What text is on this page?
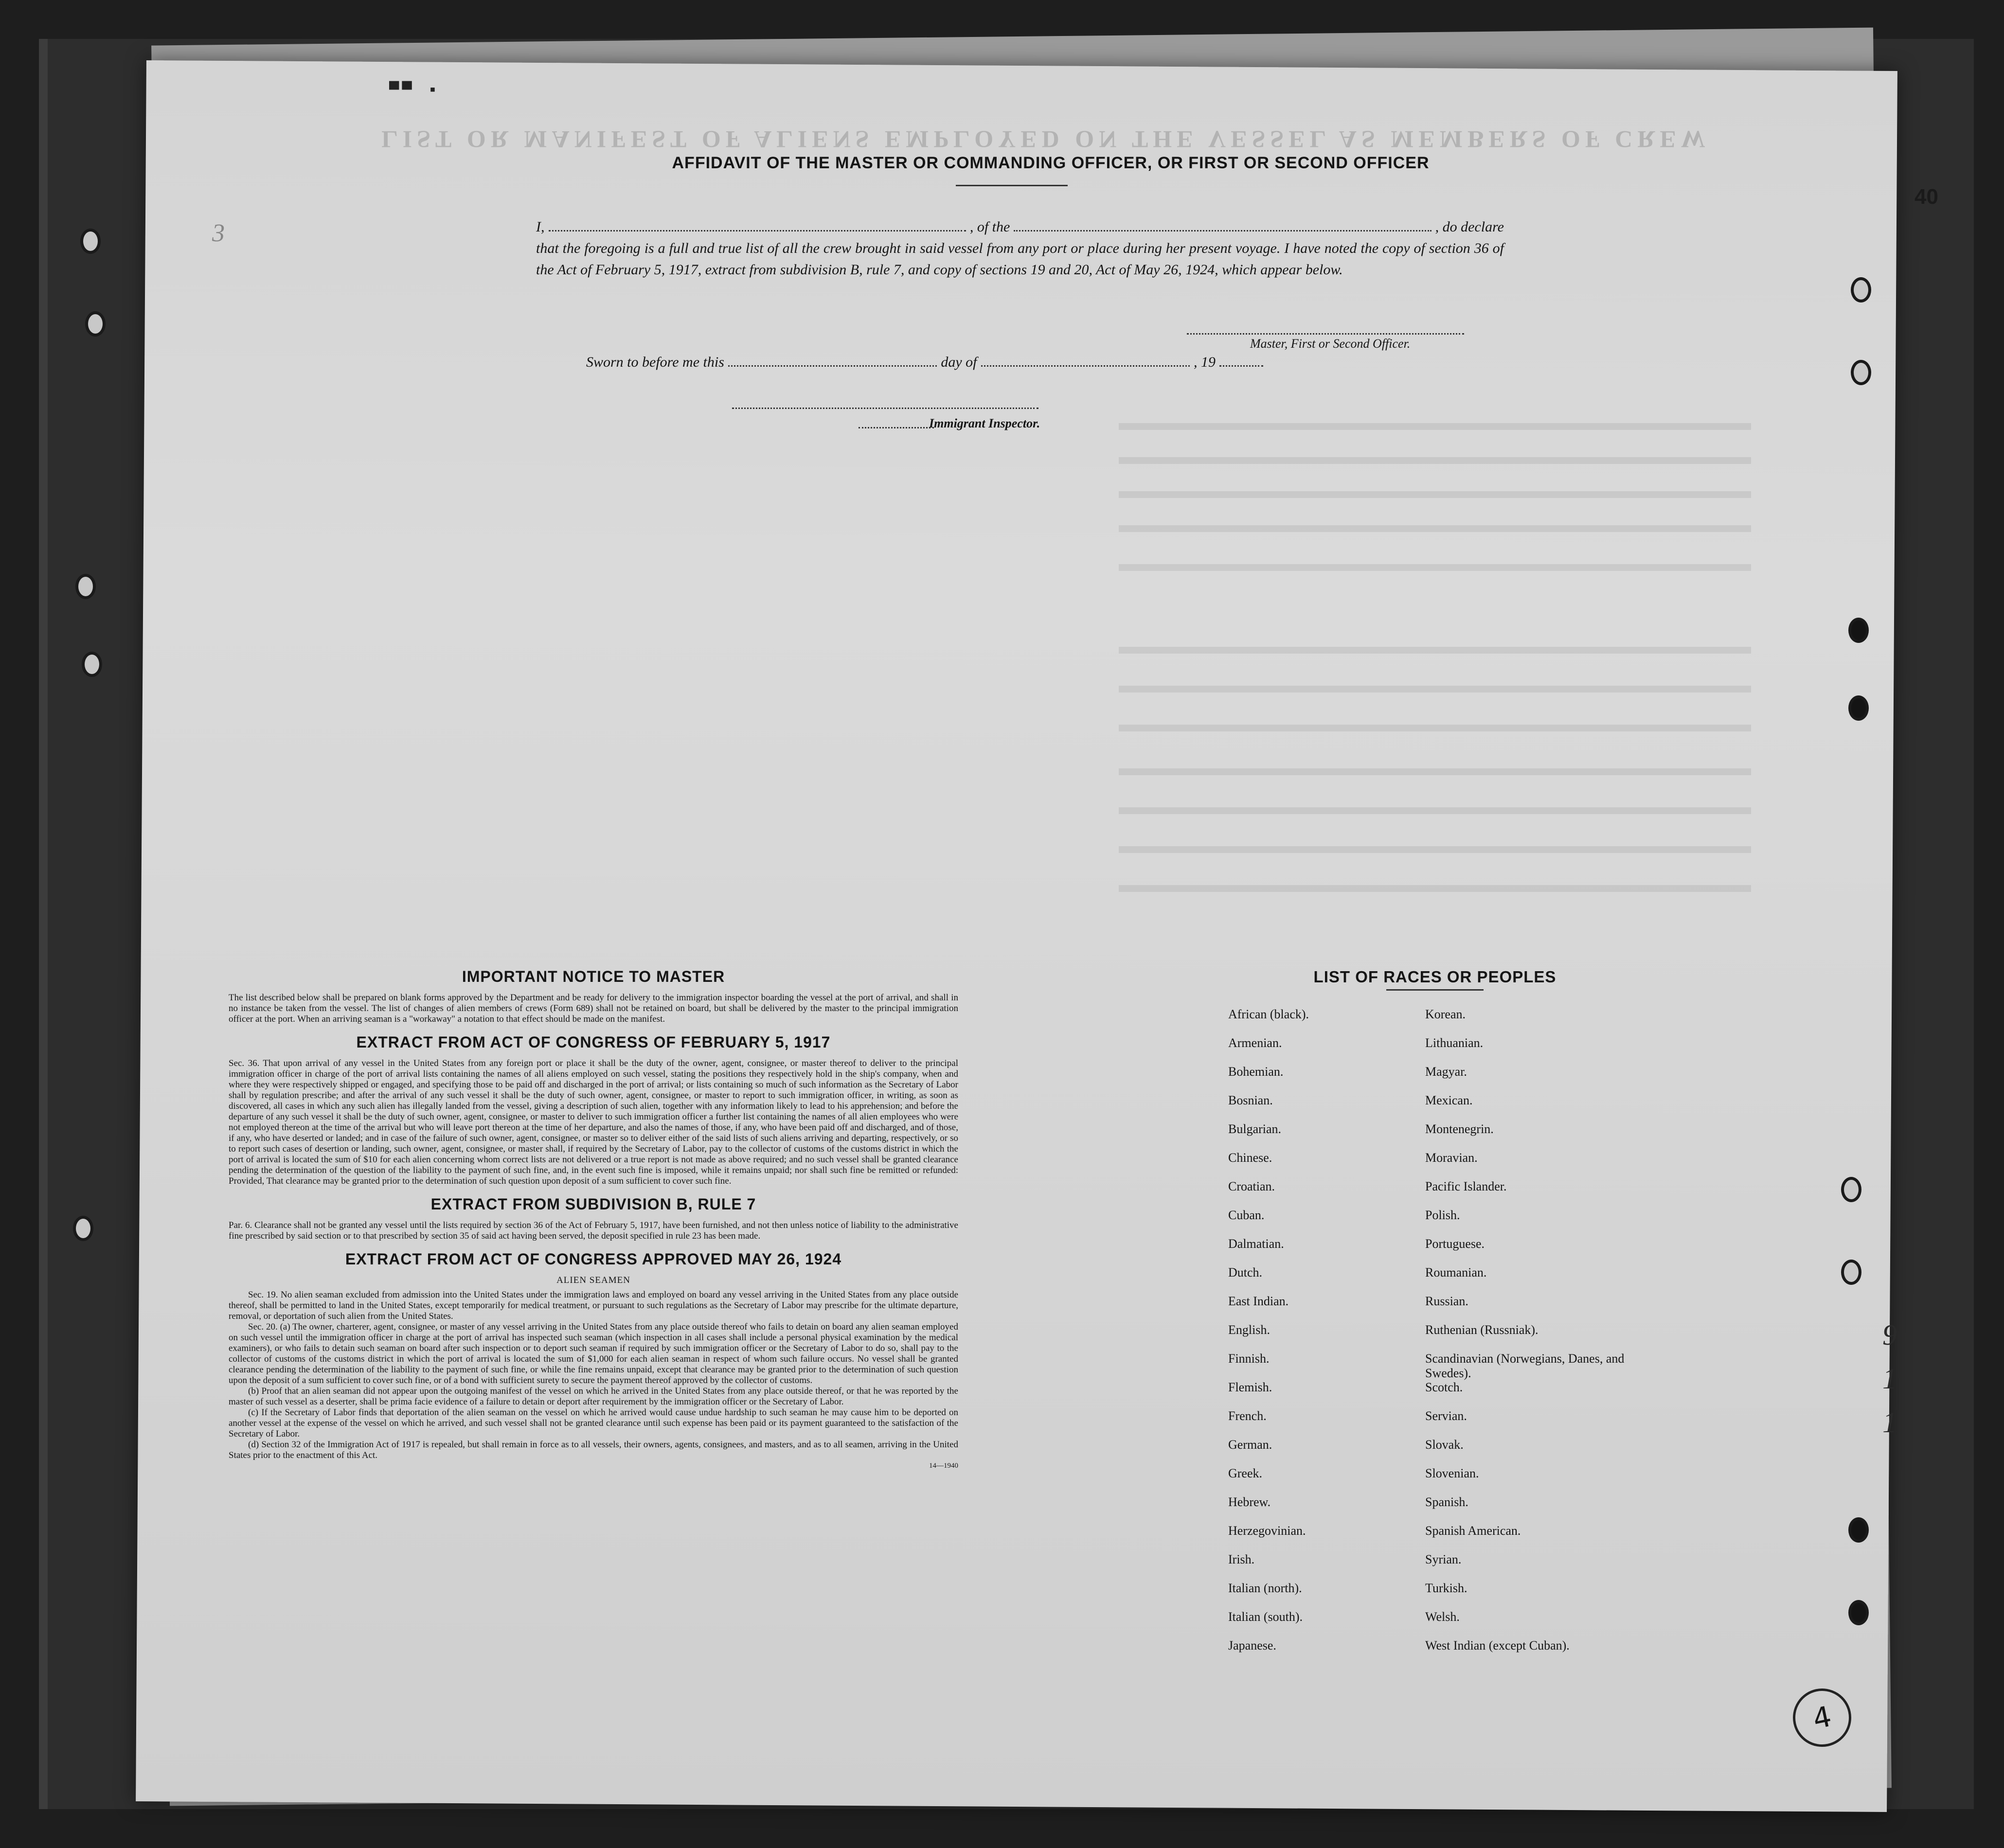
LIST OR MANIFEST OF ALIENS EMPLOYED ON THE VESSEL AS MEMBERS OF CREW
▀▀ ▪
3
40
4
9
1
1
AFFIDAVIT OF THE MASTER OR COMMANDING OFFICER, OR FIRST OR SECOND OFFICER
I,	, of the	, do declare
that the foregoing is a full and true list of all the crew brought in said vessel from any port or place during her present voyage. I have noted the copy of section 36 of the Act of February 5, 1917, extract from subdivision B, rule 7, and copy of sections 19 and 20, Act of May 26, 1924, which appear below.
Master, First or Second Officer.
Sworn to before me this	day of	, 19
Immigrant Inspector.
IMPORTANT NOTICE TO MASTER

The list described below shall be prepared on blank forms approved by the Department and be ready for delivery to the immigration inspector boarding the vessel at the port of arrival, and shall in no instance be taken from the vessel. The list of changes of alien members of crews (Form 689) shall not be retained on board, but shall be delivered by the master to the principal immigration officer at the port. When an arriving seaman is a "workaway" a notation to that effect should be made on the manifest.

EXTRACT FROM ACT OF CONGRESS OF FEBRUARY 5, 1917

Sec. 36. That upon arrival of any vessel in the United States from any foreign port or place it shall be the duty of the owner, agent, consignee, or master thereof to deliver to the principal immigration officer in charge of the port of arrival lists containing the names of all aliens employed on such vessel, stating the positions they respectively hold in the ship's company, when and where they were respectively shipped or engaged, and specifying those to be paid off and discharged in the port of arrival; or lists containing so much of such information as the Secretary of Labor shall by regulation prescribe; and after the arrival of any such vessel it shall be the duty of such owner, agent, consignee, or master to report to such immigration officer, in writing, as soon as discovered, all cases in which any such alien has illegally landed from the vessel, giving a description of such alien, together with any information likely to lead to his apprehension; and before the departure of any such vessel it shall be the duty of such owner, agent, consignee, or master to deliver to such immigration officer a further list containing the names of all alien employees who were not employed thereon at the time of the arrival but who will leave port thereon at the time of her departure, and also the names of those, if any, who have been paid off and discharged, and of those, if any, who have deserted or landed; and in case of the failure of such owner, agent, consignee, or master so to deliver either of the said lists of such aliens arriving and departing, respectively, or so to report such cases of desertion or landing, such owner, agent, consignee, or master shall, if required by the Secretary of Labor, pay to the collector of customs of the customs district in which the port of arrival is located the sum of $10 for each alien concerning whom correct lists are not delivered or a true report is not made as above required; and no such vessel shall be granted clearance pending the determination of the question of the liability to the payment of such fine, and, in the event such fine is imposed, while it remains unpaid; nor shall such fine be remitted or refunded: Provided, That clearance may be granted prior to the determination of such question upon deposit of a sum sufficient to cover such fine.

EXTRACT FROM SUBDIVISION B, RULE 7

Par. 6. Clearance shall not be granted any vessel until the lists required by section 36 of the Act of February 5, 1917, have been furnished, and not then unless notice of liability to the administrative fine prescribed by said section or to that prescribed by section 35 of said act having been served, the deposit specified in rule 23 has been made.

EXTRACT FROM ACT OF CONGRESS APPROVED MAY 26, 1924
ALIEN SEAMEN

Sec. 19. No alien seaman excluded from admission into the United States under the immigration laws and employed on board any vessel arriving in the United States from any place outside thereof, shall be permitted to land in the United States, except temporarily for medical treatment, or pursuant to such regulations as the Secretary of Labor may prescribe for the ultimate departure, removal, or deportation of such alien from the United States.

Sec. 20. (a) The owner, charterer, agent, consignee, or master of any vessel arriving in the United States from any place outside thereof who fails to detain on board any alien seaman employed on such vessel until the immigration officer in charge at the port of arrival has inspected such seaman (which inspection in all cases shall include a personal physical examination by the medical examiners), or who fails to detain such seaman on board after such inspection or to deport such seaman if required by such immigration officer or the Secretary of Labor to do so, shall pay to the collector of customs of the customs district in which the port of arrival is located the sum of $1,000 for each alien seaman in respect of whom such failure occurs. No vessel shall be granted clearance pending the determination of the liability to the payment of such fine, or while the fine remains unpaid, except that clearance may be granted prior to the determination of such question upon the deposit of a sum sufficient to cover such fine, or of a bond with sufficient surety to secure the payment thereof approved by the collector of customs.

(b) Proof that an alien seaman did not appear upon the outgoing manifest of the vessel on which he arrived in the United States from any place outside thereof, or that he was reported by the master of such vessel as a deserter, shall be prima facie evidence of a failure to detain or deport after requirement by the immigration officer or the Secretary of Labor.

(c) If the Secretary of Labor finds that deportation of the alien seaman on the vessel on which he arrived would cause undue hardship to such seaman he may cause him to be deported on another vessel at the expense of the vessel on which he arrived, and such vessel shall not be granted clearance until such expense has been paid or its payment guaranteed to the satisfaction of the Secretary of Labor.

(d) Section 32 of the Immigration Act of 1917 is repealed, but shall remain in force as to all vessels, their owners, agents, consignees, and masters, and as to all seamen, arriving in the United States prior to the enactment of this Act.

14—1940
LIST OF RACES OR PEOPLES
African (black).	Korean.
Armenian.	Lithuanian.
Bohemian.	Magyar.
Bosnian.	Mexican.
Bulgarian.	Montenegrin.
Chinese.	Moravian.
Croatian.	Pacific Islander.
Cuban.	Polish.
Dalmatian.	Portuguese.
Dutch.	Roumanian.
East Indian.	Russian.
English.	Ruthenian (Russniak).
Finnish.	Scandinavian (Norwegians, Danes, and Swedes).
Flemish.	Scotch.
French.	Servian.
German.	Slovak.
Greek.	Slovenian.
Hebrew.	Spanish.
Herzegovinian.	Spanish American.
Irish.	Syrian.
Italian (north).	Turkish.
Italian (south).	Welsh.
Japanese.	West Indian (except Cuban).
